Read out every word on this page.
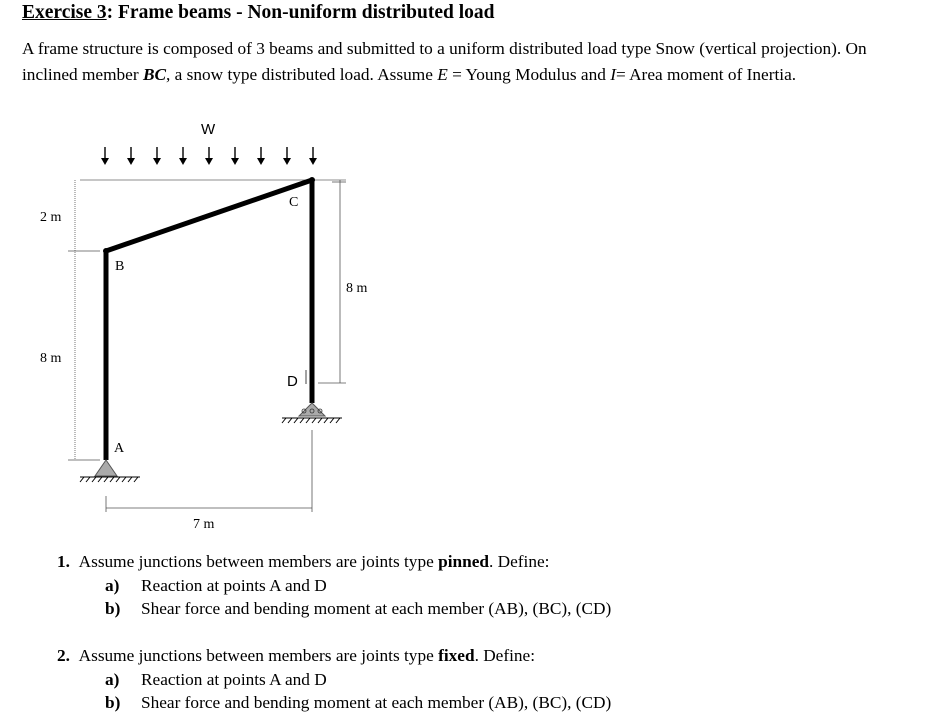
Exercise 3: Frame beams - Non-uniform distributed load
A frame structure is composed of 3 beams and submitted to a uniform distributed load type Snow (vertical projection). On inclined member BC, a snow type distributed load. Assume E = Young Modulus and I= Area moment of Inertia.
W
A
B
C
D
2 m
8 m
8 m
7 m
1. Assume junctions between members are joints type pinned. Define:
a) Reaction at points A and D
b) Shear force and bending moment at each member (AB), (BC), (CD)
2. Assume junctions between members are joints type fixed. Define:
a) Reaction at points A and D
b) Shear force and bending moment at each member (AB), (BC), (CD)
